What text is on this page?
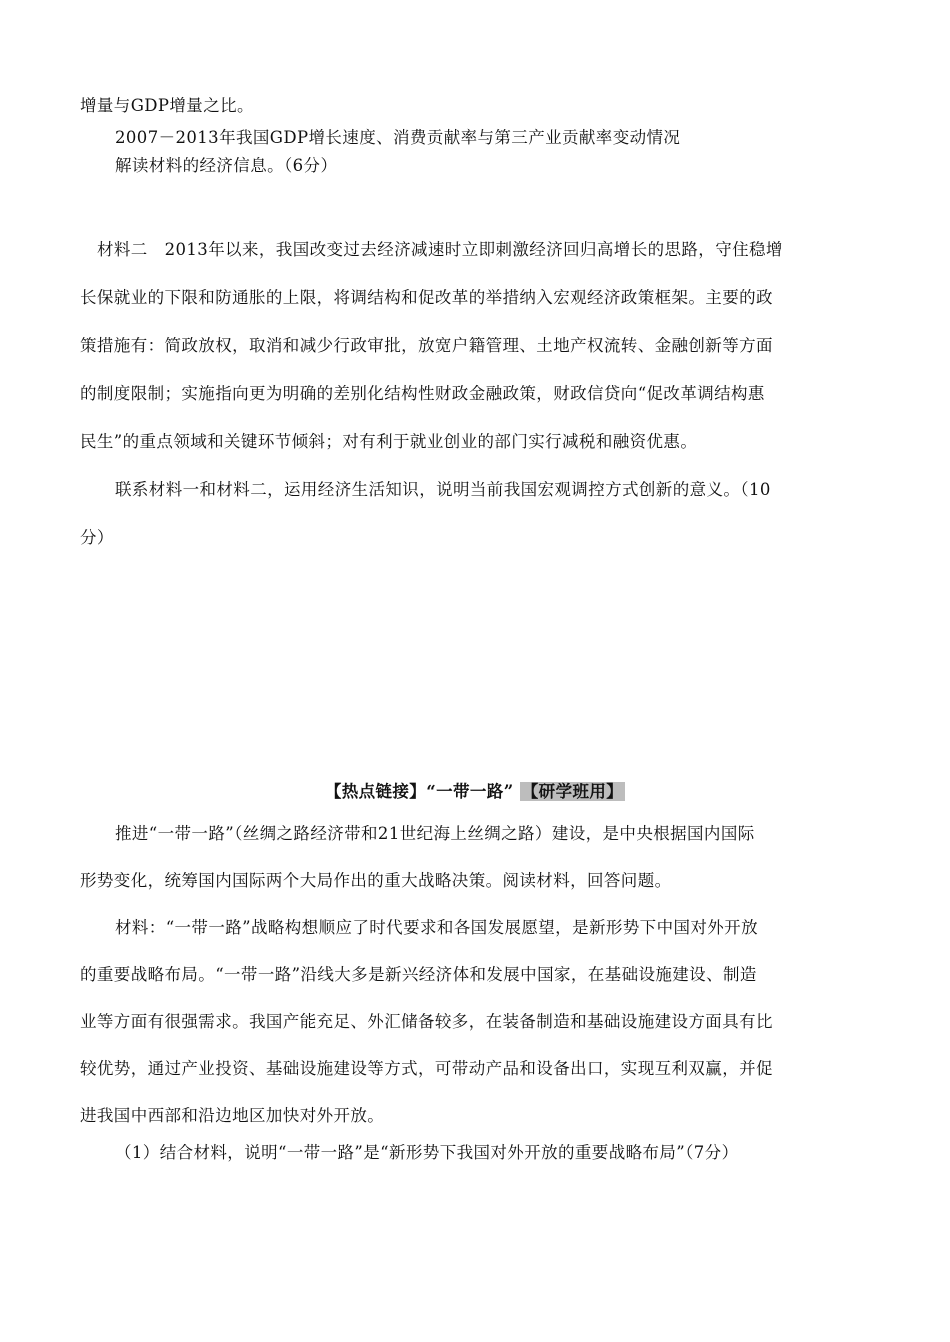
增量与GDP增量之比。
2007－2013年我国GDP增长速度、消费贡献率与第三产业贡献率变动情况
解读材料的经济信息。（6分）
材料二　2013年以来，我国改变过去经济减速时立即刺激经济回归高增长的思路，守住稳增
长保就业的下限和防通胀的上限，将调结构和促改革的举措纳入宏观经济政策框架。主要的政
策措施有：简政放权，取消和减少行政审批，放宽户籍管理、土地产权流转、金融创新等方面
的制度限制；实施指向更为明确的差别化结构性财政金融政策，财政信贷向“促改革调结构惠
民生”的重点领域和关键环节倾斜；对有利于就业创业的部门实行减税和融资优惠。
联系材料一和材料二，运用经济生活知识，说明当前我国宏观调控方式创新的意义。（10
分）
【热点链接】“一带一路” 【研学班用】
推进“一带一路”（丝绸之路经济带和21世纪海上丝绸之路）建设，是中央根据国内国际
形势变化，统筹国内国际两个大局作出的重大战略决策。阅读材料，回答问题。
材料：“一带一路”战略构想顺应了时代要求和各国发展愿望，是新形势下中国对外开放
的重要战略布局。“一带一路”沿线大多是新兴经济体和发展中国家，在基础设施建设、制造
业等方面有很强需求。我国产能充足、外汇储备较多，在装备制造和基础设施建设方面具有比
较优势，通过产业投资、基础设施建设等方式，可带动产品和设备出口，实现互利双赢，并促
进我国中西部和沿边地区加快对外开放。
（1）结合材料，说明“一带一路”是“新形势下我国对外开放的重要战略布局”（7分）
